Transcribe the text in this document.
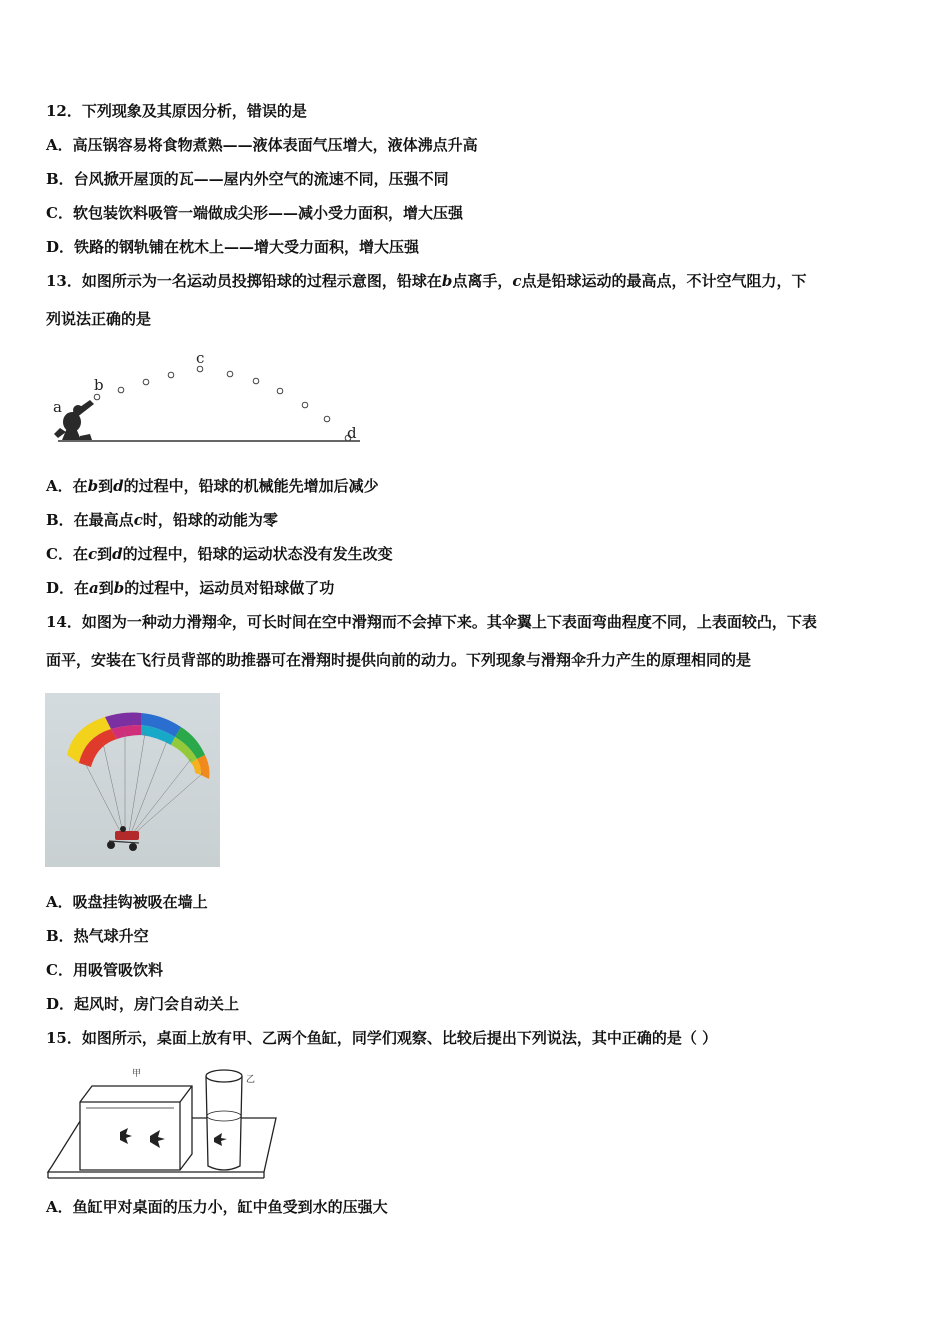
12．下列现象及其原因分析，错误的是
A．高压锅容易将食物煮熟——液体表面气压增大，液体沸点升高
B．台风掀开屋顶的瓦——屋内外空气的流速不同，压强不同
C．软包装饮料吸管一端做成尖形——减小受力面积，增大压强
D．铁路的钢轨铺在枕木上——增大受力面积，增大压强
13．如图所示为一名运动员投掷铅球的过程示意图，铅球在b点离手，c点是铅球运动的最高点，不计空气阻力，下
列说法正确的是
a
b
c
d
A．在b到d的过程中，铅球的机械能先增加后减少
B．在最高点c时，铅球的动能为零
C．在c到d的过程中，铅球的运动状态没有发生改变
D．在a到b的过程中，运动员对铅球做了功
14．如图为一种动力滑翔伞，可长时间在空中滑翔而不会掉下来。其伞翼上下表面弯曲程度不同，上表面较凸，下表
面平，安装在飞行员背部的助推器可在滑翔时提供向前的动力。下列现象与滑翔伞升力产生的原理相同的是
A．吸盘挂钩被吸在墙上
B．热气球升空
C．用吸管吸饮料
D．起风时，房门会自动关上
15．如图所示，桌面上放有甲、乙两个鱼缸，同学们观察、比较后提出下列说法，其中正确的是（ ）
甲
乙
A．鱼缸甲对桌面的压力小，缸中鱼受到水的压强大
